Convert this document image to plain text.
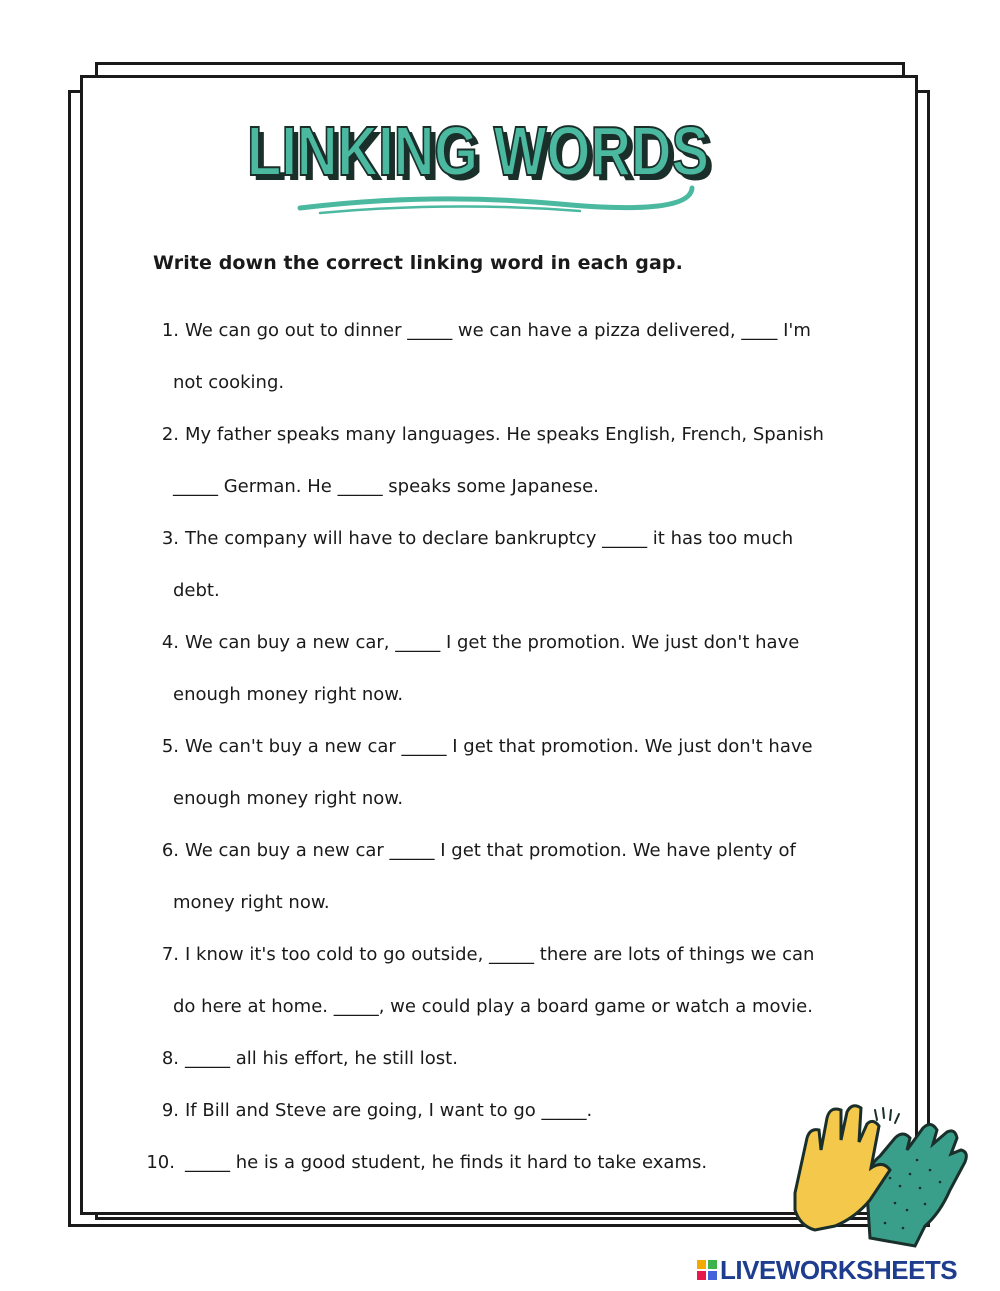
LINKING WORDS
LINKING WORDS
Write down the correct linking word in each gap.
1. We can go out to dinner _____ we can have a pizza delivered, ____ I'm
not cooking.
2. My father speaks many languages. He speaks English, French, Spanish
_____ German. He _____ speaks some Japanese.
3. The company will have to declare bankruptcy _____ it has too much
debt.
4. We can buy a new car, _____ I get the promotion. We just don't have
enough money right now.
5. We can't buy a new car _____ I get that promotion. We just don't have
enough money right now.
6. We can buy a new car _____ I get that promotion. We have plenty of
money right now.
7. I know it's too cold to go outside, _____ there are lots of things we can
do here at home. _____, we could play a board game or watch a movie.
8. _____ all his effort, he still lost.
9. If Bill and Steve are going, I want to go _____.
10. _____ he is a good student, he finds it hard to take exams.
LIVEWORKSHEETS
